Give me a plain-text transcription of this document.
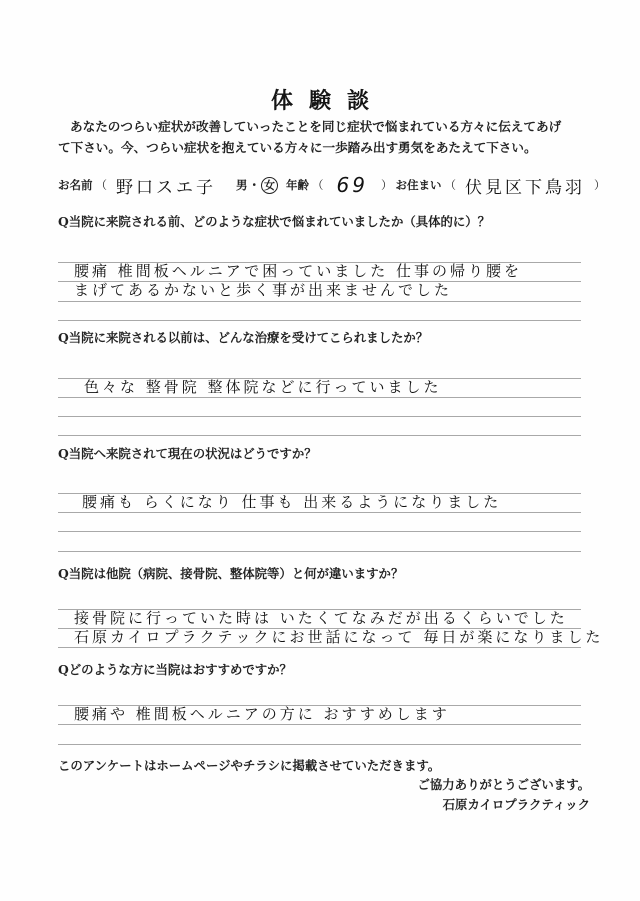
体験談
あなたのつらい症状が改善していったことを同じ症状で悩まれている方々に伝えてあげ
て下さい。今、つらい症状を抱えている方々に一歩踏み出す勇気をあたえて下さい。
お名前 （ 野口スエ子 男 ・ 女 年齢 （ 69 ） お住まい （ 伏見区下鳥羽 ）
Q当院に来院される前、どのような症状で悩まれていましたか（具体的に）？
腰痛 椎間板ヘルニアで困っていました 仕事の帰り腰を
まげてあるかないと歩く事が出来ませんでした
Q当院に来院される以前は、どんな治療を受けてこられましたか？
色々な 整骨院 整体院などに行っていました
Q当院へ来院されて現在の状況はどうですか？
腰痛も らくになり 仕事も 出来るようになりました
Q当院は他院（病院、接骨院、整体院等）と何が違いますか？
接骨院に行っていた時は いたくてなみだが出るくらいでした
石原カイロプラクテックにお世話になって 毎日が楽になりました
Qどのような方に当院はおすすめですか？
腰痛や 椎間板ヘルニアの方に おすすめします
このアンケートはホームページやチラシに掲載させていただきます。
ご協力ありがとうございます。
石原カイロプラクティック
